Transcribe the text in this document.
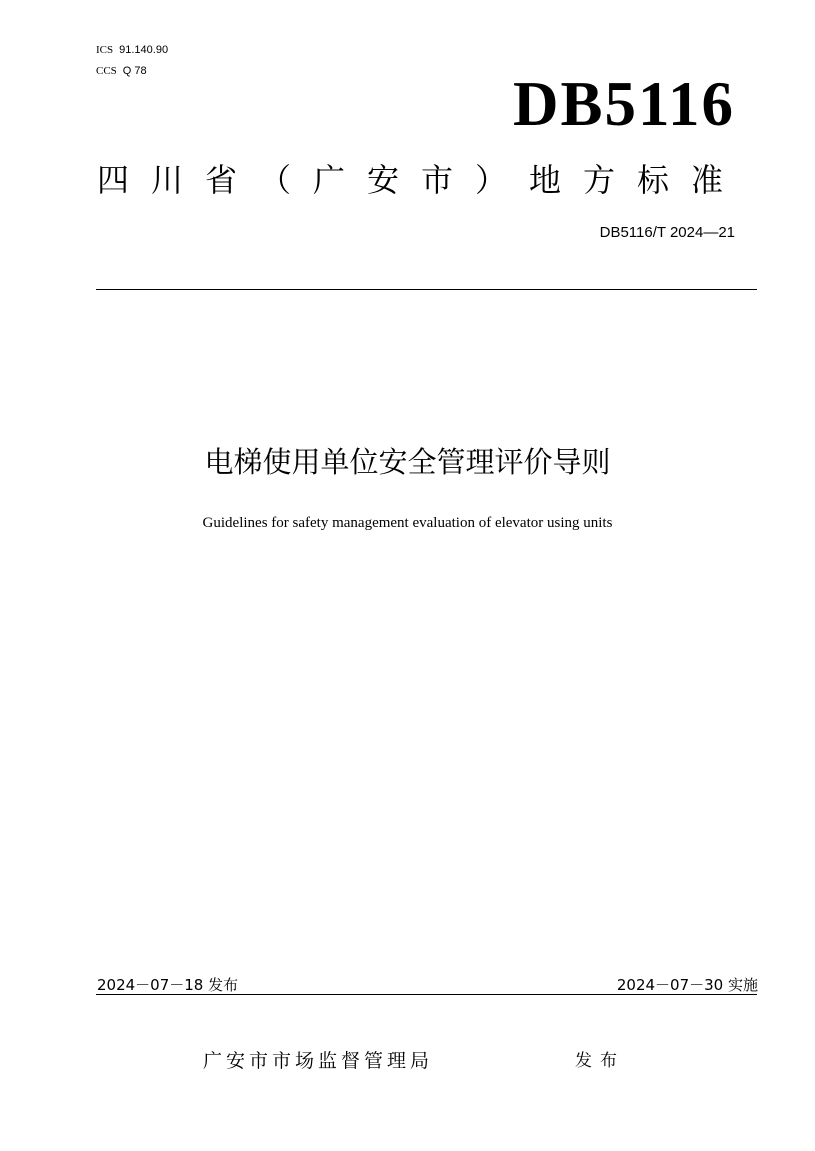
ICS 91.140.90
CCS Q 78	DB5116
四川省（广安市）地方标准
DB5116/T 2024—21
电梯使用单位安全管理评价导则
Guidelines for safety management evaluation of elevator using units
2024－07－18 发布	2024－07－30 实施
广安市市场监督管理局	发布
